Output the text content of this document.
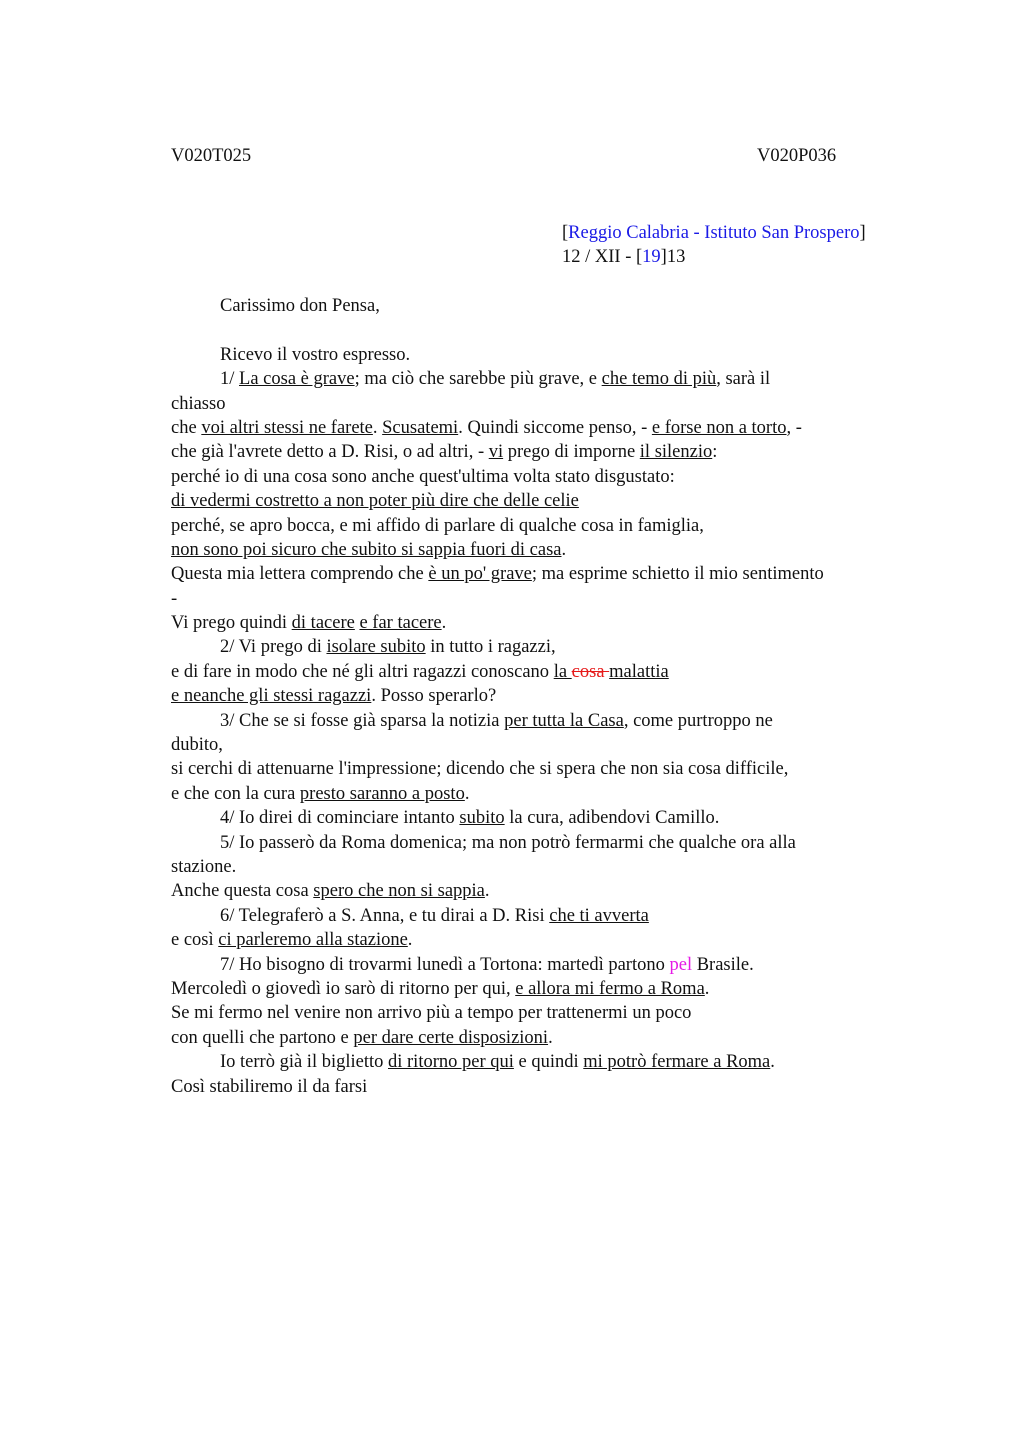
V020T025	V020P036
[Reggio Calabria - Istituto San Prospero]
12 / XII - [19]13
Carissimo don Pensa,
Ricevo il vostro espresso.
1/ La cosa è grave; ma ciò che sarebbe più grave, e che temo di più, sarà il
chiasso
che voi altri stessi ne farete. Scusatemi. Quindi siccome penso, - e forse non a torto, -
che già l'avrete detto a D. Risi, o ad altri, - vi prego di imporne il silenzio:
perché io di una cosa sono anche quest'ultima volta stato disgustato:
di vedermi costretto a non poter più dire che delle celie
perché, se apro bocca, e mi affido di parlare di qualche cosa in famiglia,
non sono poi sicuro che subito si sappia fuori di casa.
Questa mia lettera comprendo che è un po' grave; ma esprime schietto il mio sentimento
-
Vi prego quindi di tacere e far tacere.
2/ Vi prego di isolare subito in tutto i ragazzi,
e di fare in modo che né gli altri ragazzi conoscano la cosa malattia
e neanche gli stessi ragazzi. Posso sperarlo?
3/ Che se si fosse già sparsa la notizia per tutta la Casa, come purtroppo ne
dubito,
si cerchi di attenuarne l'impressione; dicendo che si spera che non sia cosa difficile,
e che con la cura presto saranno a posto.
4/ Io direi di cominciare intanto subito la cura, adibendovi Camillo.
5/ Io passerò da Roma domenica; ma non potrò fermarmi che qualche ora alla
stazione.
Anche questa cosa spero che non si sappia.
6/ Telegraferò a S. Anna, e tu dirai a D. Risi che ti avverta
e così ci parleremo alla stazione.
7/ Ho bisogno di trovarmi lunedì a Tortona: martedì partono pel Brasile.
Mercoledì o giovedì io sarò di ritorno per qui, e allora mi fermo a Roma.
Se mi fermo nel venire non arrivo più a tempo per trattenermi un poco
con quelli che partono e per dare certe disposizioni.
Io terrò già il biglietto di ritorno per qui e quindi mi potrò fermare a Roma.
Così stabiliremo il da farsi
